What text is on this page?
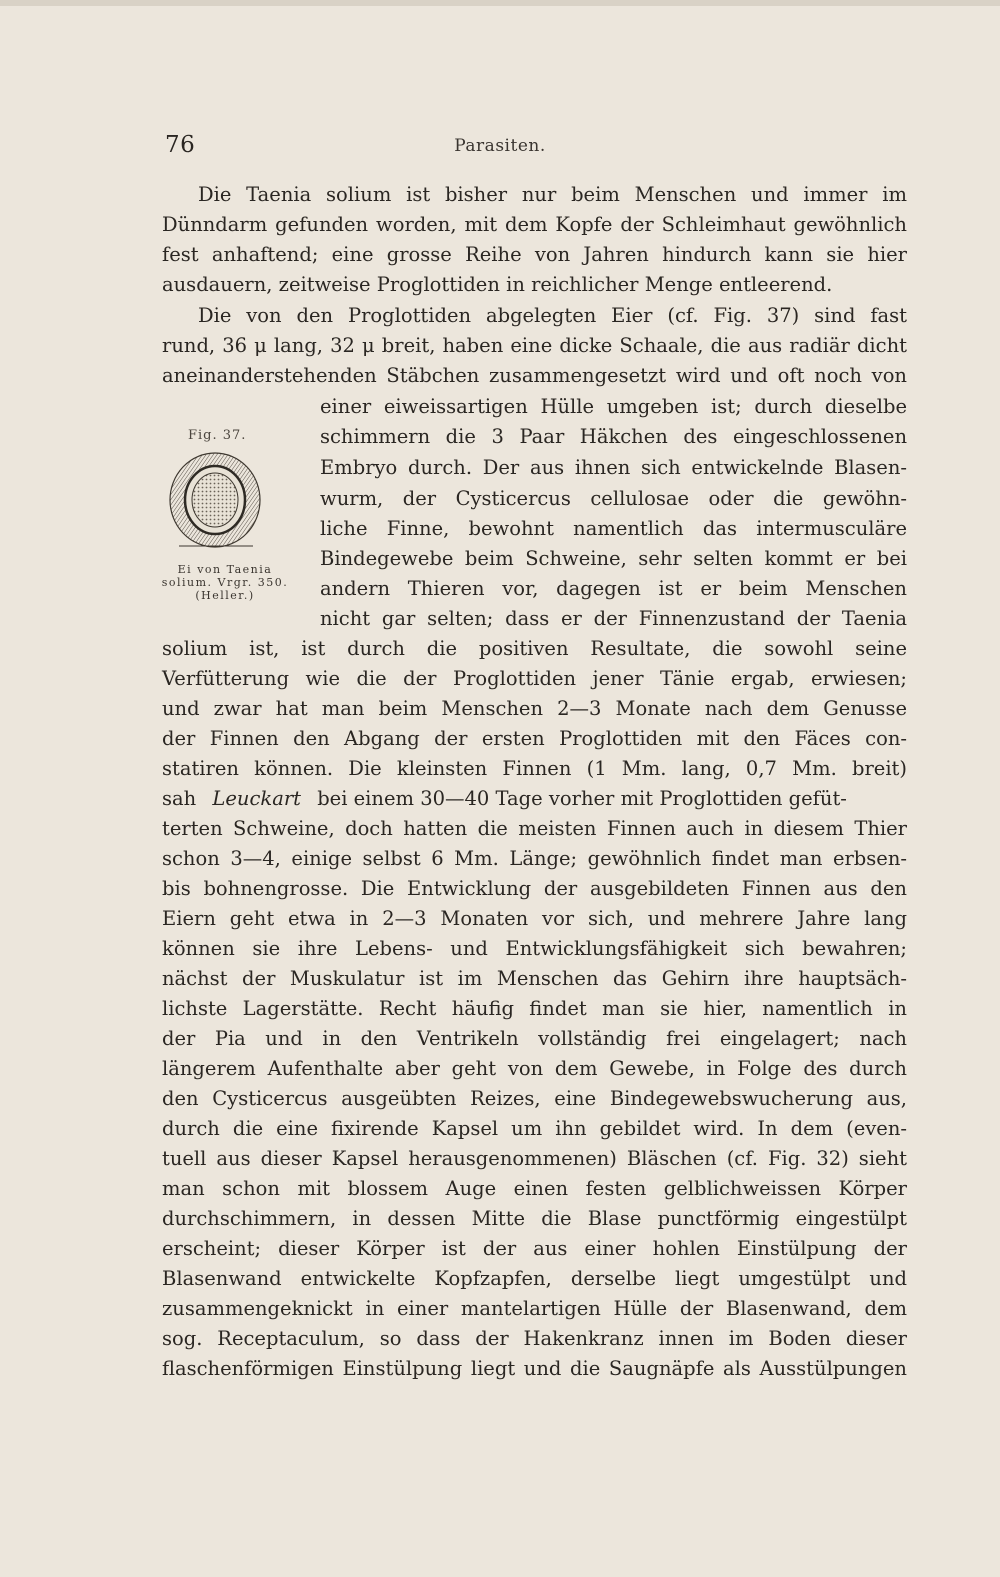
76	Parasiten.
Die Taenia solium ist bisher nur beim Menschen und immer im
Dünndarm gefunden worden, mit dem Kopfe der Schleimhaut gewöhnlich
fest anhaftend; eine grosse Reihe von Jahren hindurch kann sie hier
ausdauern, zeitweise Proglottiden in reichlicher Menge entleerend.
Die von den Proglottiden abgelegten Eier (cf. Fig. 37) sind fast
rund, 36 μ lang, 32 μ breit, haben eine dicke Schaale, die aus radiär dicht
aneinanderstehenden Stäbchen zusammengesetzt wird und oft noch von
einer eiweissartigen Hülle umgeben ist; durch dieselbe
schimmern die 3 Paar Häkchen des eingeschlossenen
Embryo durch. Der aus ihnen sich entwickelnde Blasen-
wurm, der Cysticercus cellulosae oder die gewöhn-
liche Finne, bewohnt namentlich das intermusculäre
Bindegewebe beim Schweine, sehr selten kommt er bei
andern Thieren vor, dagegen ist er beim Menschen
nicht gar selten; dass er der Finnenzustand der Taenia
solium ist, ist durch die positiven Resultate, die sowohl seine
Verfütterung wie die der Proglottiden jener Tänie ergab, erwiesen;
und zwar hat man beim Menschen 2—3 Monate nach dem Genusse
der Finnen den Abgang der ersten Proglottiden mit den Fäces con-
statiren können. Die kleinsten Finnen (1 Mm. lang, 0,7 Mm. breit)
sah Leuckart bei einem 30—40 Tage vorher mit Proglottiden gefüt-
terten Schweine, doch hatten die meisten Finnen auch in diesem Thier
schon 3—4, einige selbst 6 Mm. Länge; gewöhnlich findet man erbsen-
bis bohnengrosse. Die Entwicklung der ausgebildeten Finnen aus den
Eiern geht etwa in 2—3 Monaten vor sich, und mehrere Jahre lang
können sie ihre Lebens- und Entwicklungsfähigkeit sich bewahren;
nächst der Muskulatur ist im Menschen das Gehirn ihre hauptsäch-
lichste Lagerstätte. Recht häufig findet man sie hier, namentlich in
der Pia und in den Ventrikeln vollständig frei eingelagert; nach
längerem Aufenthalte aber geht von dem Gewebe, in Folge des durch
den Cysticercus ausgeübten Reizes, eine Bindegewebswucherung aus,
durch die eine fixirende Kapsel um ihn gebildet wird. In dem (even-
tuell aus dieser Kapsel herausgenommenen) Bläschen (cf. Fig. 32) sieht
man schon mit blossem Auge einen festen gelblichweissen Körper
durchschimmern, in dessen Mitte die Blase punctförmig eingestülpt
erscheint; dieser Körper ist der aus einer hohlen Einstülpung der
Blasenwand entwickelte Kopfzapfen, derselbe liegt umgestülpt und
zusammengeknickt in einer mantelartigen Hülle der Blasenwand, dem
sog. Receptaculum, so dass der Hakenkranz innen im Boden dieser
flaschenförmigen Einstülpung liegt und die Saugnäpfe als Ausstülpungen
Fig. 37.
Ei von Taenia
solium. Vrgr. 350.
(Heller.)
